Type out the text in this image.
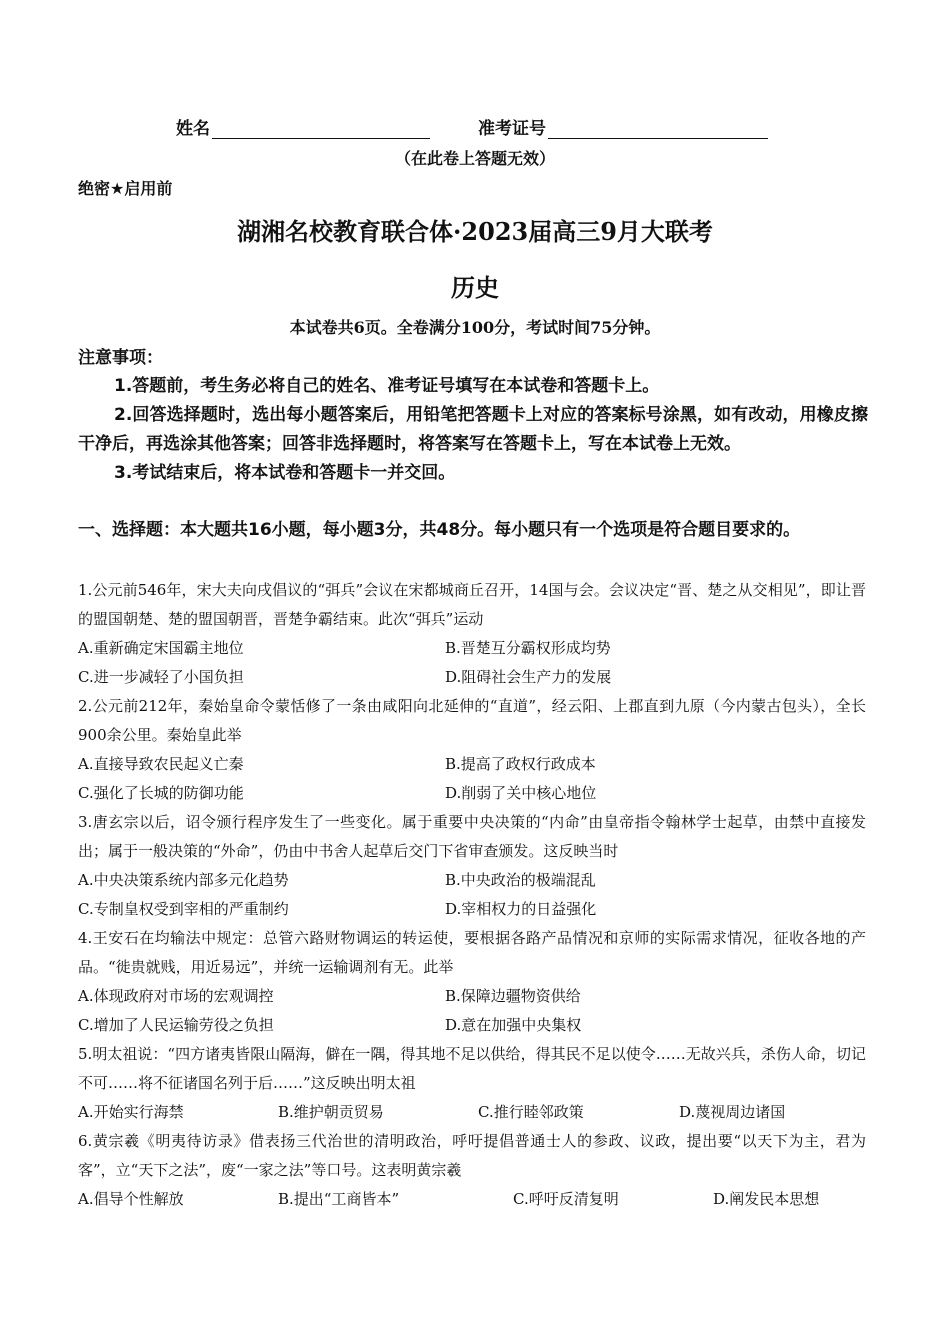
姓名	准考证号
（在此卷上答题无效）
绝密★启用前
湖湘名校教育联合体·2023届高三9月大联考
历史
本试卷共6页。全卷满分100分，考试时间75分钟。
注意事项：
1.答题前，考生务必将自己的姓名、准考证号填写在本试卷和答题卡上。
2.回答选择题时，选出每小题答案后，用铅笔把答题卡上对应的答案标号涂黑，如有改动，用橡皮擦干净后，再选涂其他答案；回答非选择题时，将答案写在答题卡上，写在本试卷上无效。
3.考试结束后，将本试卷和答题卡一并交回。
一、选择题：本大题共16小题，每小题3分，共48分。每小题只有一个选项是符合题目要求的。
1.公元前546年，宋大夫向戌倡议的“弭兵”会议在宋都城商丘召开，14国与会。会议决定“晋、楚之从交相见”，即让晋的盟国朝楚、楚的盟国朝晋，晋楚争霸结束。此次“弭兵”运动
A.重新确定宋国霸主地位	B.晋楚互分霸权形成均势
C.进一步减轻了小国负担	D.阻碍社会生产力的发展
2.公元前212年，秦始皇命令蒙恬修了一条由咸阳向北延伸的“直道”，经云阳、上郡直到九原（今内蒙古包头），全长900余公里。秦始皇此举
A.直接导致农民起义亡秦	B.提高了政权行政成本
C.强化了长城的防御功能	D.削弱了关中核心地位
3.唐玄宗以后，诏令颁行程序发生了一些变化。属于重要中央决策的“内命”由皇帝指令翰林学士起草，由禁中直接发出；属于一般决策的“外命”，仍由中书舍人起草后交门下省审查颁发。这反映当时
A.中央决策系统内部多元化趋势	B.中央政治的极端混乱
C.专制皇权受到宰相的严重制约	D.宰相权力的日益强化
4.王安石在均输法中规定：总管六路财物调运的转运使，要根据各路产品情况和京师的实际需求情况，征收各地的产品。“徙贵就贱，用近易远”，并统一运输调剂有无。此举
A.体现政府对市场的宏观调控	B.保障边疆物资供给
C.增加了人民运输劳役之负担	D.意在加强中央集权
5.明太祖说：“四方诸夷皆限山隔海，僻在一隅，得其地不足以供给，得其民不足以使令……无故兴兵，杀伤人命，切记不可……将不征诸国名列于后……”这反映出明太祖
A.开始实行海禁	B.维护朝贡贸易	C.推行睦邻政策	D.蔑视周边诸国
6.黄宗羲《明夷待访录》借表扬三代治世的清明政治，呼吁提倡普通士人的参政、议政，提出要“以天下为主，君为客”，立“天下之法”，废“一家之法”等口号。这表明黄宗羲
A.倡导个性解放	B.提出“工商皆本”	C.呼吁反清复明	D.阐发民本思想
